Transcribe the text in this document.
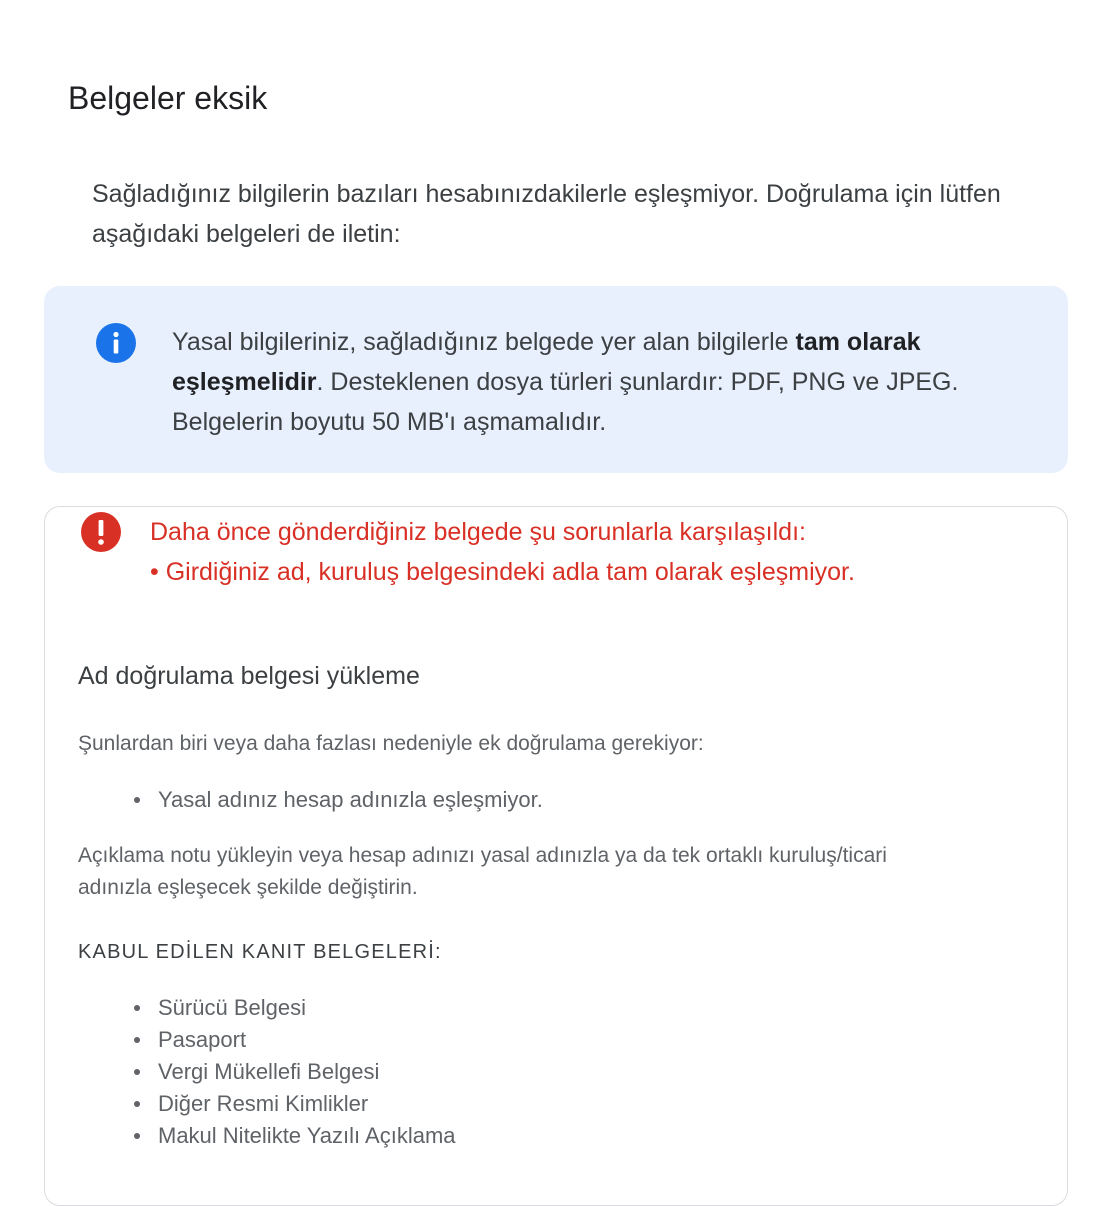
Belgeler eksik

Sağladığınız bilgilerin bazıları hesabınızdakilerle eşleşmiyor. Doğrulama için lütfen aşağıdaki belgeleri de iletin:

Yasal bilgileriniz, sağladığınız belgede yer alan bilgilerle tam olarak eşleşmelidir. Desteklenen dosya türleri şunlardır: PDF, PNG ve JPEG. Belgelerin boyutu 50 MB'ı aşmamalıdır.

Daha önce gönderdiğiniz belgede şu sorunlarla karşılaşıldı:

• Girdiğiniz ad, kuruluş belgesindeki adla tam olarak eşleşmiyor.

Ad doğrulama belgesi yükleme

Şunlardan biri veya daha fazlası nedeniyle ek doğrulama gerekiyor:

Yasal adınız hesap adınızla eşleşmiyor.

Açıklama notu yükleyin veya hesap adınızı yasal adınızla ya da tek ortaklı kuruluş/ticari adınızla eşleşecek şekilde değiştirin.

KABUL EDİLEN KANIT BELGELERİ:

Sürücü Belgesi
Pasaport
Vergi Mükellefi Belgesi
Diğer Resmi Kimlikler
Makul Nitelikte Yazılı Açıklama
